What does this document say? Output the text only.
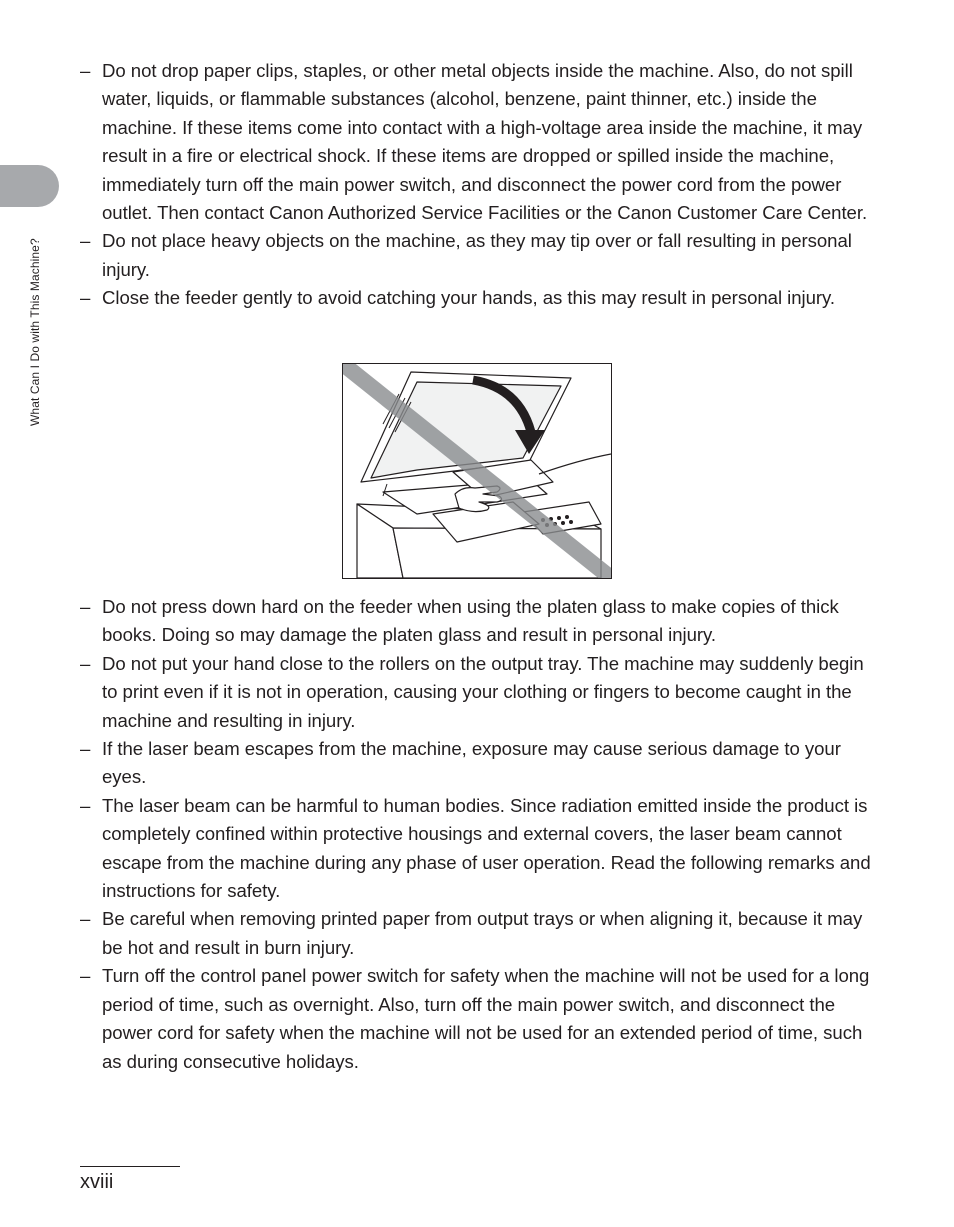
What Can I Do with This Machine?
– Do not drop paper clips, staples, or other metal objects inside the machine. Also, do not spill water, liquids, or flammable substances (alcohol, benzene, paint thinner, etc.) inside the machine. If these items come into contact with a high-voltage area inside the machine, it may result in a fire or electrical shock. If these items are dropped or spilled inside the machine, immediately turn off the main power switch, and disconnect the power cord from the power outlet. Then contact Canon Authorized Service Facilities or the Canon Customer Care Center.
– Do not place heavy objects on the machine, as they may tip over or fall resulting in personal injury.
– Close the feeder gently to avoid catching your hands, as this may result in personal injury.
– Do not press down hard on the feeder when using the platen glass to make copies of thick books. Doing so may damage the platen glass and result in personal injury.
– Do not put your hand close to the rollers on the output tray. The machine may suddenly begin to print even if it is not in operation, causing your clothing or fingers to become caught in the machine and resulting in injury.
– If the laser beam escapes from the machine, exposure may cause serious damage to your eyes.
– The laser beam can be harmful to human bodies. Since radiation emitted inside the product is completely confined within protective housings and external covers, the laser beam cannot escape from the machine during any phase of user operation. Read the following remarks and instructions for safety.
– Be careful when removing printed paper from output trays or when aligning it, because it may be hot and result in burn injury.
– Turn off the control panel power switch for safety when the machine will not be used for a long period of time, such as overnight. Also, turn off the main power switch, and disconnect the power cord for safety when the machine will not be used for an extended period of time, such as during consecutive holidays.
xviii
